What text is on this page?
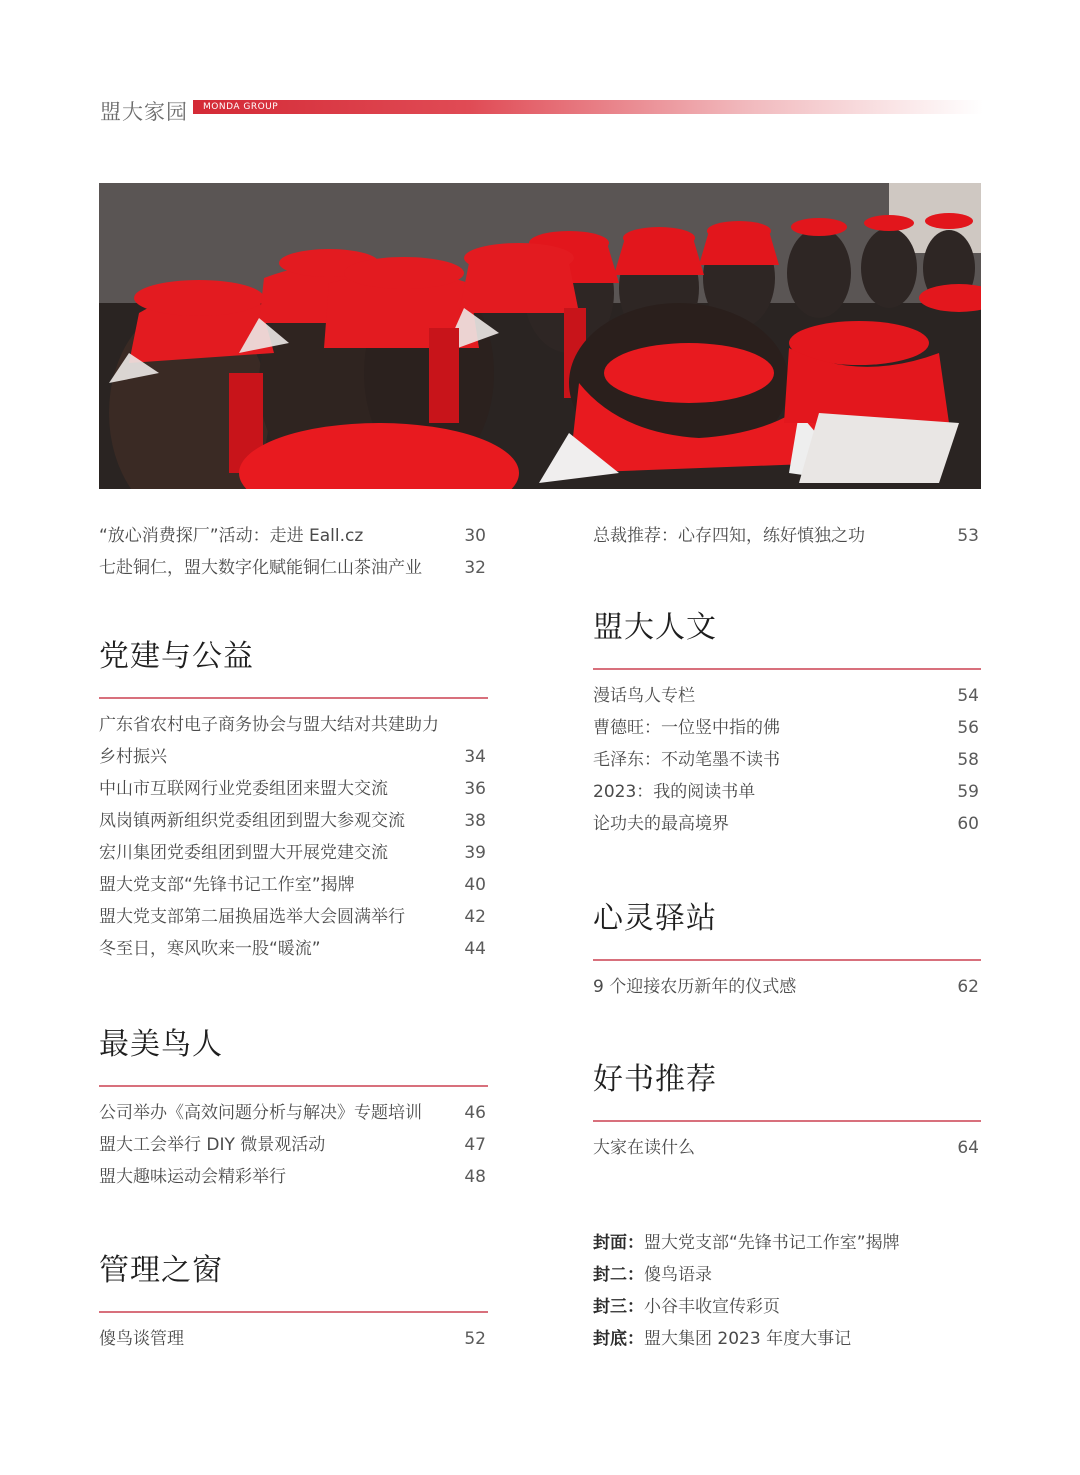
盟大家园 MONDA GROUP
“放心消费探厂”活动：走进 Eall.cz	30
七赴铜仁，盟大数字化赋能铜仁山茶油产业 32
党建与公益
广东省农村电子商务协会与盟大结对共建助力乡村振兴	34
中山市互联网行业党委组团来盟大交流	36
凤岗镇两新组织党委组团到盟大参观交流	38
宏川集团党委组团到盟大开展党建交流	39
盟大党支部“先锋书记工作室”揭牌	40
盟大党支部第二届换届选举大会圆满举行	42
冬至日，寒风吹来一股“暖流”	44
最美鸟人
公司举办《高效问题分析与解决》专题培训 46
盟大工会举行 DIY 微景观活动	47
盟大趣味运动会精彩举行	48
管理之窗
傻鸟谈管理	52
总裁推荐：心存四知，练好慎独之功	53
盟大人文
漫话鸟人专栏	54
曹德旺：一位竖中指的佛	56
毛泽东：不动笔墨不读书	58
2023：我的阅读书单	59
论功夫的最高境界	60
心灵驿站
9 个迎接农历新年的仪式感	62
好书推荐
大家在读什么	64
封面：盟大党支部“先锋书记工作室”揭牌
封二：傻鸟语录
封三：小谷丰收宣传彩页
封底：盟大集团 2023 年度大事记
